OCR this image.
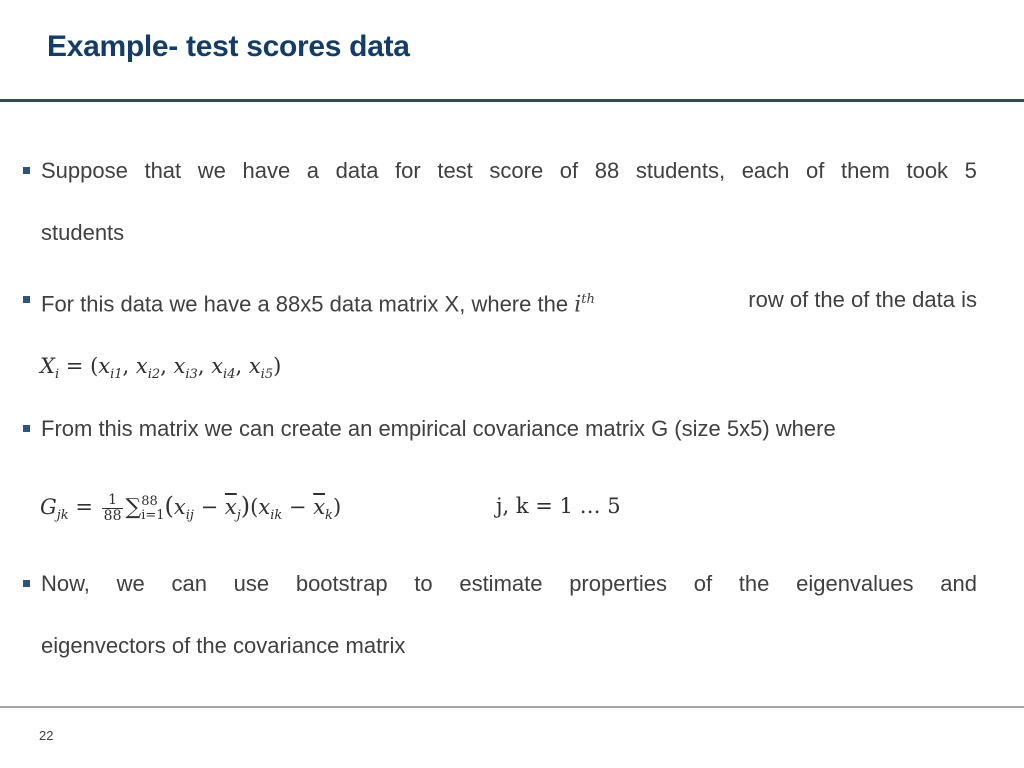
Example- test scores data
Suppose that we have a data for test score of 88 students, each of them took 5
students
For this data we have a 88x5 data matrix X, where the $i^{th}$	row of the of the data is
$X_i = (x_{i1}$, $x_{i2}$, $x_{i3}$, $x_{i4}$, $x_{i5}$)
From this matrix we can create an empirical covariance matrix G (size 5x5) where
$G_{jk} = \frac{1}{88}$ ∑ 88
i=1 $(x_{ij} - \overline{x}_j)(x_{ik} - \overline{x}_k)$	j, k = 1 … 5
Now, we can use bootstrap to estimate properties of the eigenvalues and
eigenvectors of the covariance matrix
22
